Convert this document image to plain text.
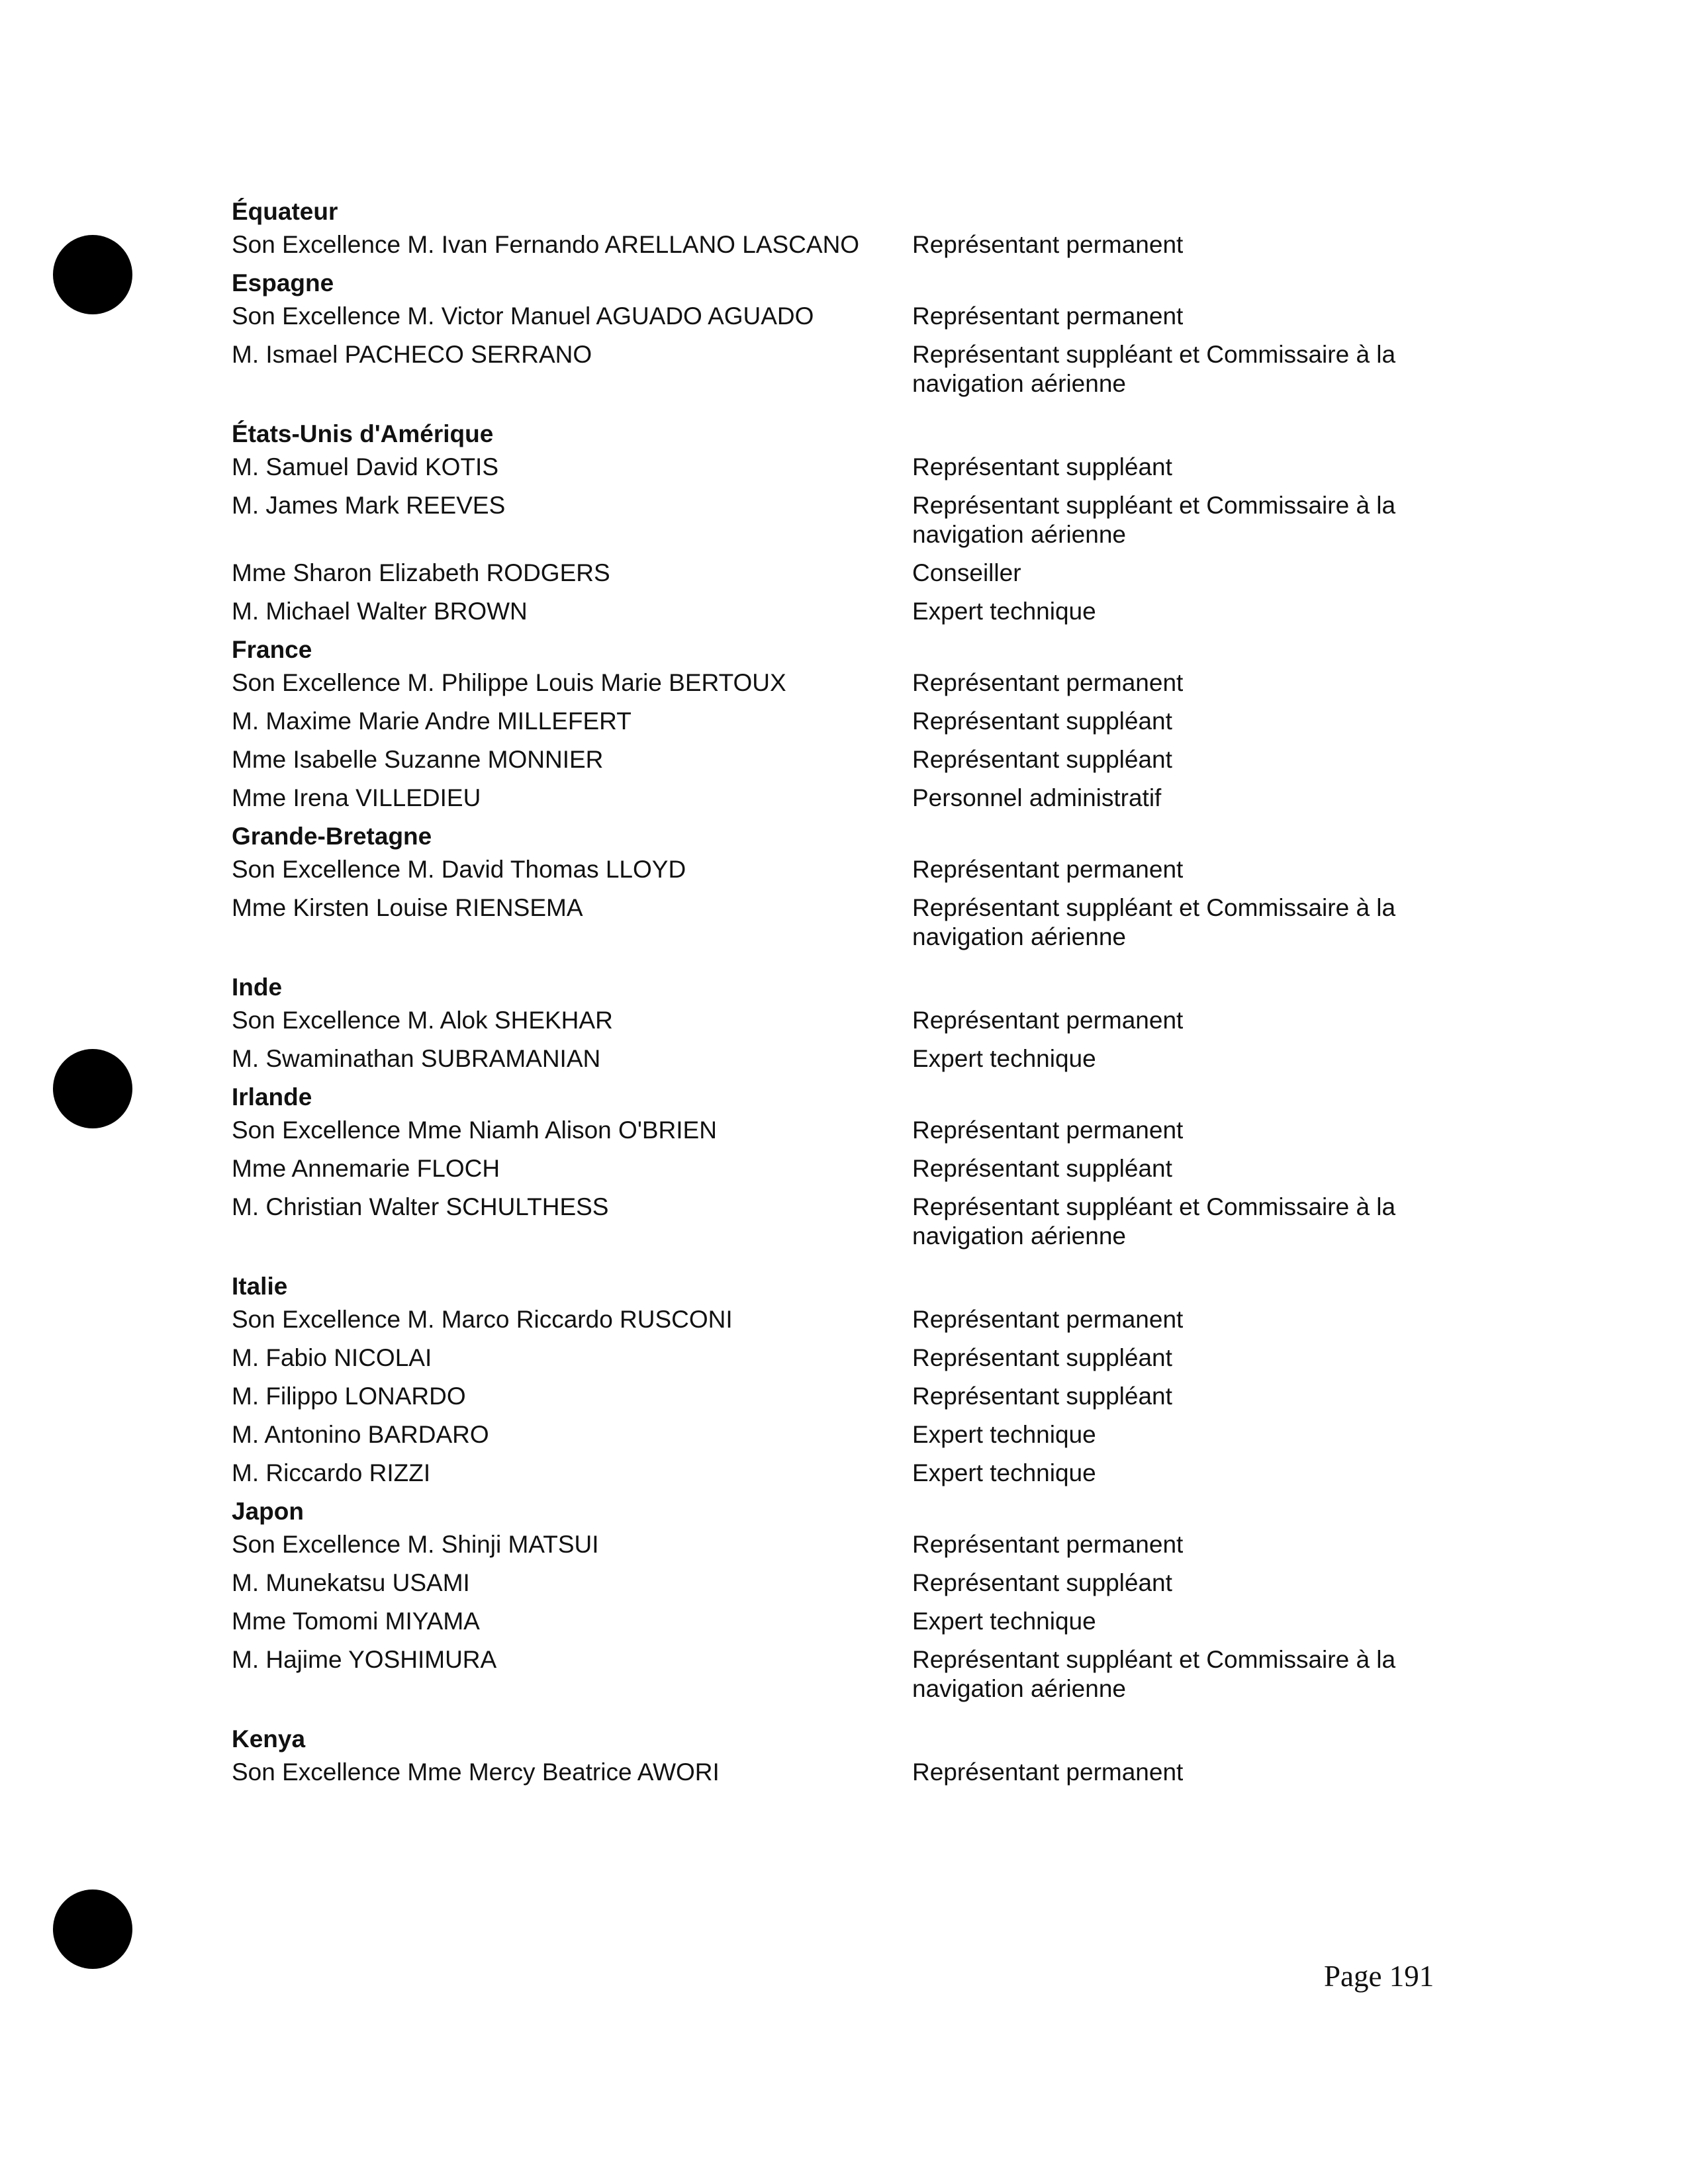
Équateur
Son Excellence M. Ivan Fernando ARELLANO LASCANO	Représentant permanent
Espagne
Son Excellence M. Victor Manuel AGUADO AGUADO	Représentant permanent
M. Ismael PACHECO SERRANO	Représentant suppléant et Commissaire à la navigation aérienne
États-Unis d'Amérique
M. Samuel David KOTIS	Représentant suppléant
M. James Mark REEVES	Représentant suppléant et Commissaire à la navigation aérienne
Mme Sharon Elizabeth RODGERS	Conseiller
M. Michael Walter BROWN	Expert technique
France
Son Excellence M. Philippe Louis Marie BERTOUX	Représentant permanent
M. Maxime Marie Andre MILLEFERT	Représentant suppléant
Mme Isabelle Suzanne MONNIER	Représentant suppléant
Mme Irena VILLEDIEU	Personnel administratif
Grande-Bretagne
Son Excellence M. David Thomas LLOYD	Représentant permanent
Mme Kirsten Louise RIENSEMA	Représentant suppléant et Commissaire à la navigation aérienne
Inde
Son Excellence M. Alok SHEKHAR	Représentant permanent
M. Swaminathan SUBRAMANIAN	Expert technique
Irlande
Son Excellence Mme Niamh Alison O'BRIEN	Représentant permanent
Mme Annemarie FLOCH	Représentant suppléant
M. Christian Walter SCHULTHESS	Représentant suppléant et Commissaire à la navigation aérienne
Italie
Son Excellence M. Marco Riccardo RUSCONI	Représentant permanent
M. Fabio NICOLAI	Représentant suppléant
M. Filippo LONARDO	Représentant suppléant
M. Antonino BARDARO	Expert technique
M. Riccardo RIZZI	Expert technique
Japon
Son Excellence M. Shinji MATSUI	Représentant permanent
M. Munekatsu USAMI	Représentant suppléant
Mme Tomomi MIYAMA	Expert technique
M. Hajime YOSHIMURA	Représentant suppléant et Commissaire à la navigation aérienne
Kenya
Son Excellence Mme Mercy Beatrice AWORI	Représentant permanent
Page 191
